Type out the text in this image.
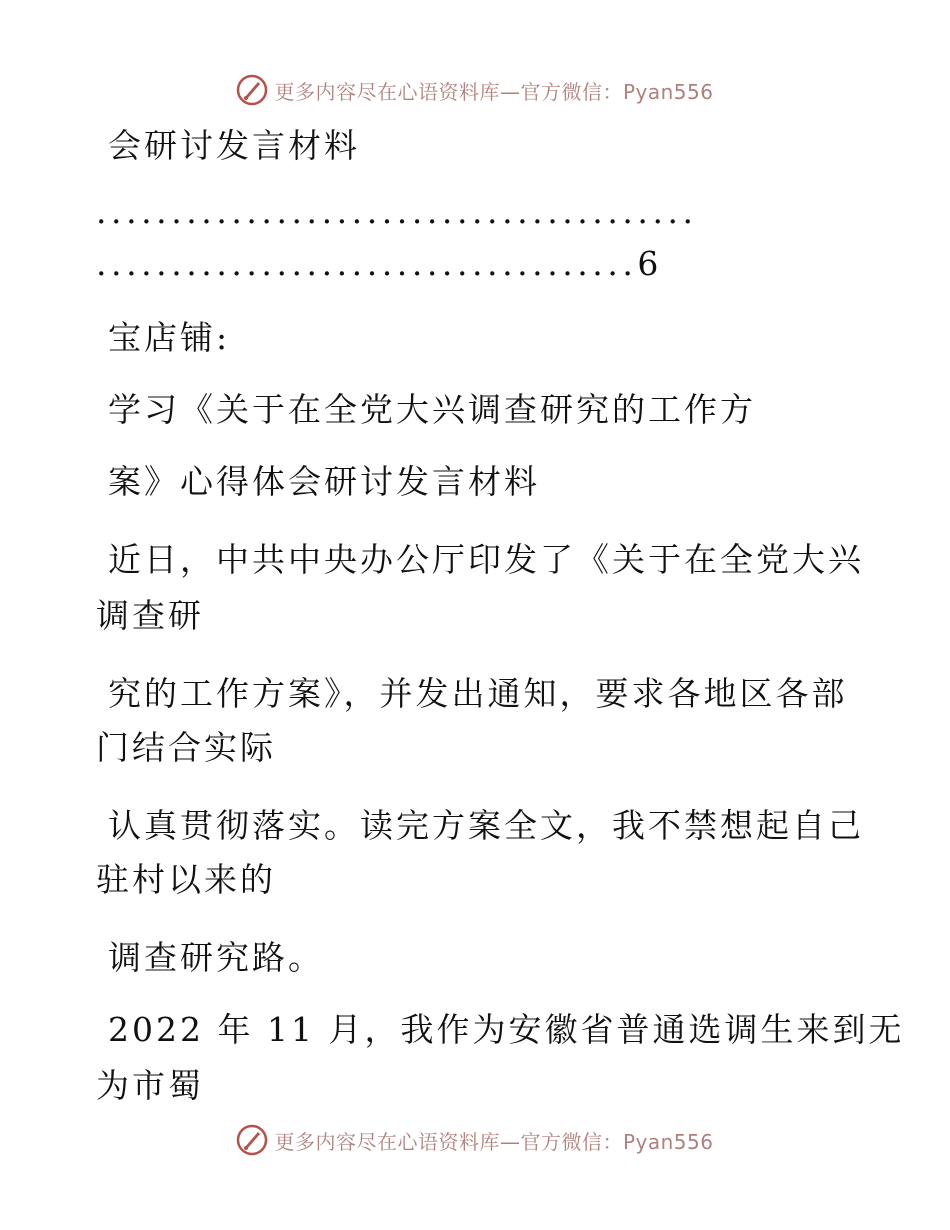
更多内容尽在心语资料库—官方微信：Pyan556
会研讨发言材料
........................................
....................................6
宝店铺:
学习《关于在全党大兴调查研究的工作方
案》心得体会研讨发言材料
近日，中共中央办公厅印发了《关于在全党大兴
调查研
究的工作方案》，并发出通知，要求各地区各部
门结合实际
认真贯彻落实。读完方案全文，我不禁想起自己
驻村以来的
调查研究路。
2022 年 11 月，我作为安徽省普通选调生来到无
为市蜀
更多内容尽在心语资料库—官方微信：Pyan556
